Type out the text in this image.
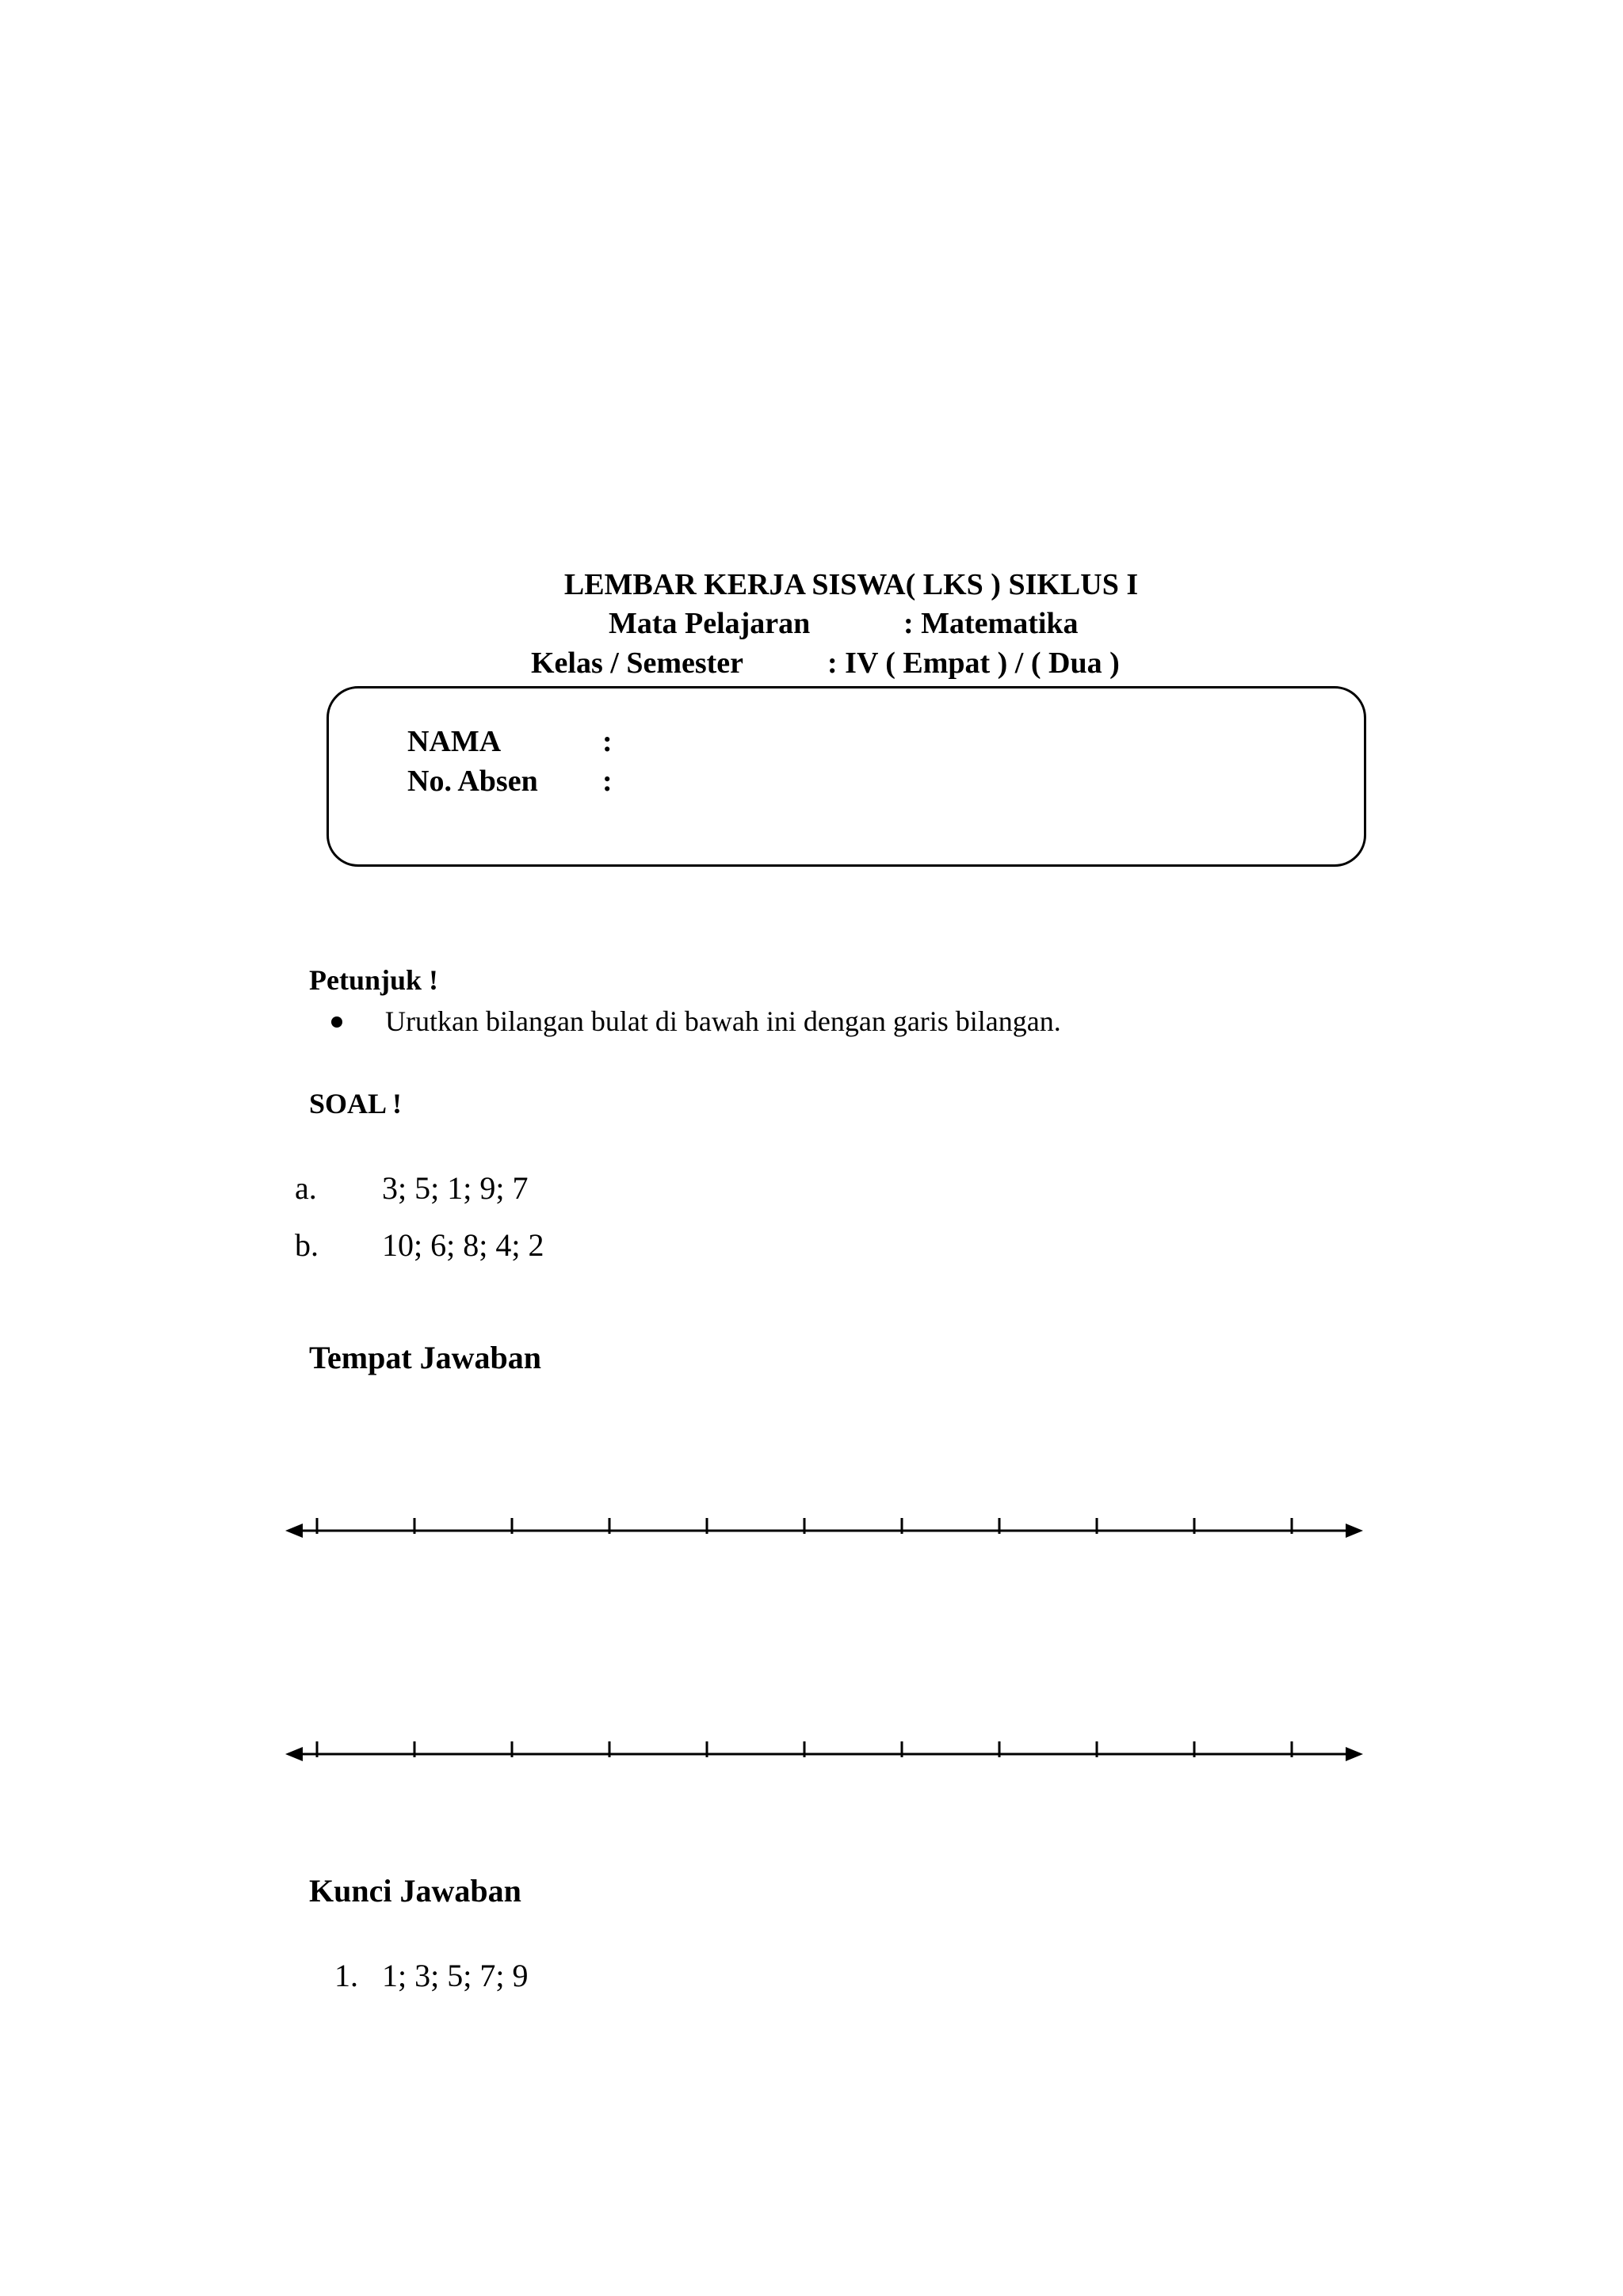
LEMBAR KERJA SISWA( LKS ) SIKLUS I
Mata Pelajaran	: Matematika
Kelas / Semester	: IV ( Empat ) / ( Dua )
NAMA	:
No. Absen :
Petunjuk !
Urutkan bilangan bulat di bawah ini dengan garis bilangan.
SOAL !
a. 3; 5; 1; 9; 7
b. 10; 6; 8; 4; 2
Tempat Jawaban
Kunci Jawaban
1. 1; 3; 5; 7; 9
